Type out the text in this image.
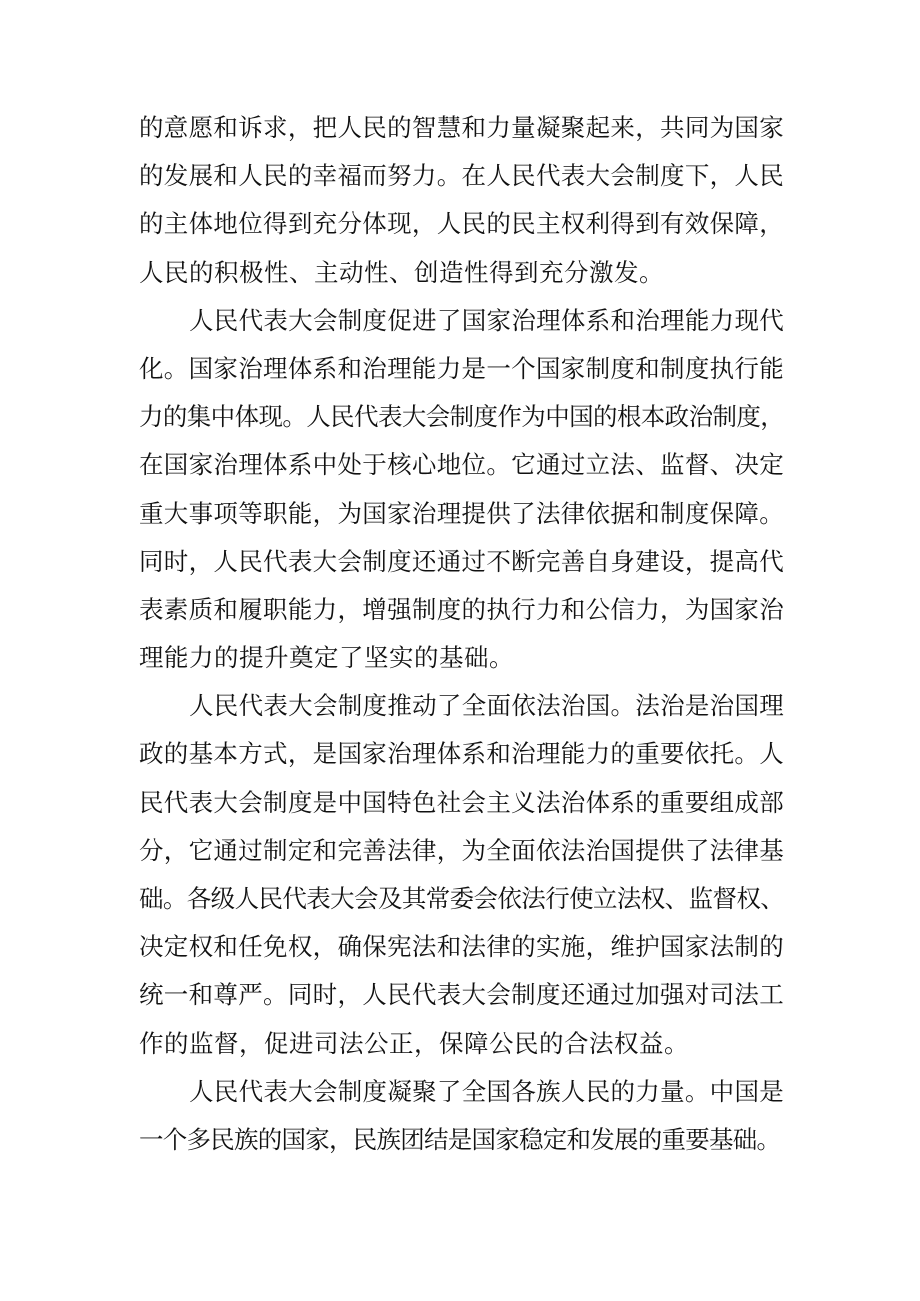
的意愿和诉求，把人民的智慧和力量凝聚起来，共同为国家
的发展和人民的幸福而努力。在人民代表大会制度下，人民
的主体地位得到充分体现，人民的民主权利得到有效保障，
人民的积极性、主动性、创造性得到充分激发。
人民代表大会制度促进了国家治理体系和治理能力现代
化。国家治理体系和治理能力是一个国家制度和制度执行能
力的集中体现。人民代表大会制度作为中国的根本政治制度，
在国家治理体系中处于核心地位。它通过立法、监督、决定
重大事项等职能，为国家治理提供了法律依据和制度保障。
同时，人民代表大会制度还通过不断完善自身建设，提高代
表素质和履职能力，增强制度的执行力和公信力，为国家治
理能力的提升奠定了坚实的基础。
人民代表大会制度推动了全面依法治国。法治是治国理
政的基本方式，是国家治理体系和治理能力的重要依托。人
民代表大会制度是中国特色社会主义法治体系的重要组成部
分，它通过制定和完善法律，为全面依法治国提供了法律基
础。各级人民代表大会及其常委会依法行使立法权、监督权、
决定权和任免权，确保宪法和法律的实施，维护国家法制的
统一和尊严。同时，人民代表大会制度还通过加强对司法工
作的监督，促进司法公正，保障公民的合法权益。
人民代表大会制度凝聚了全国各族人民的力量。中国是
一个多民族的国家，民族团结是国家稳定和发展的重要基础。
